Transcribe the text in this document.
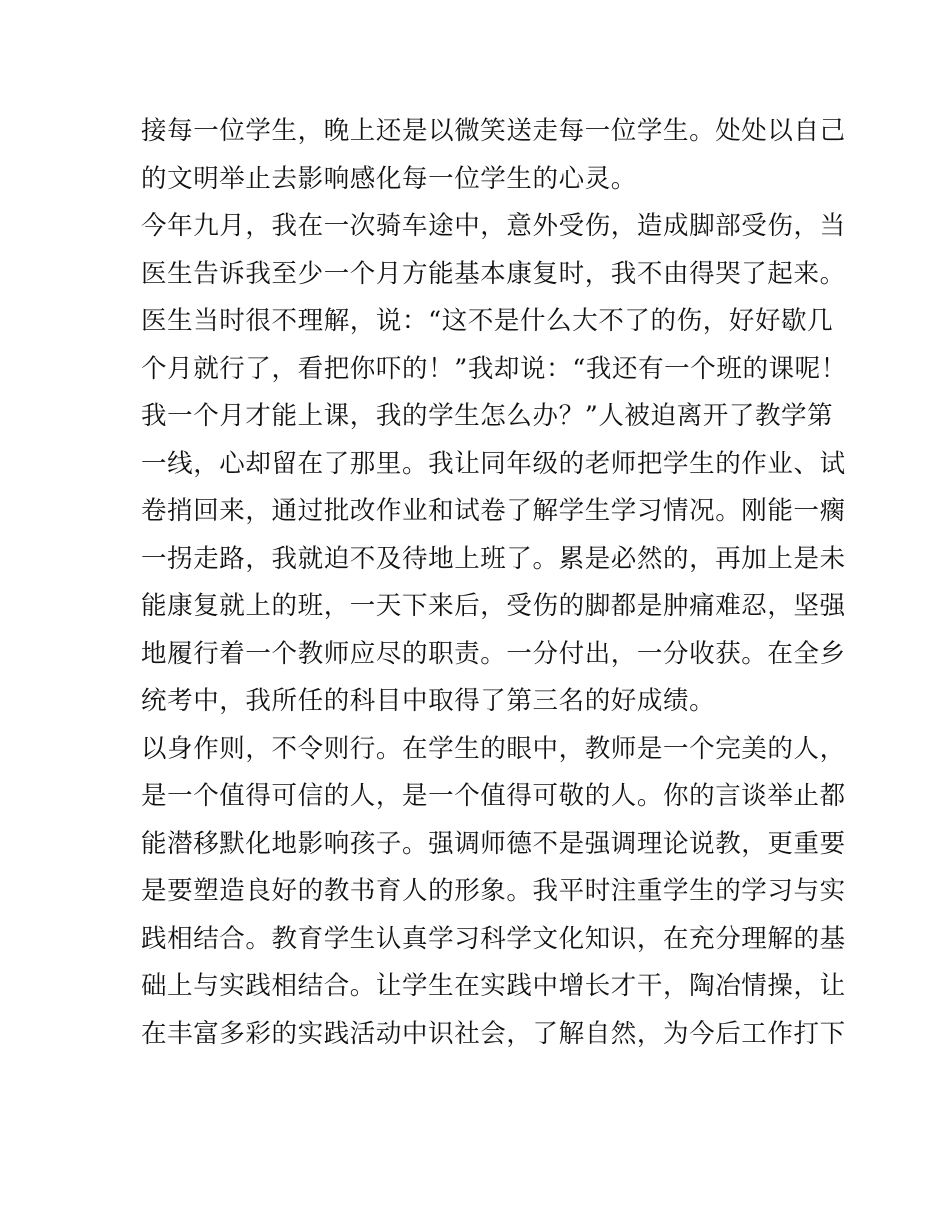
接每一位学生，晚上还是以微笑送走每一位学生。处处以自己
的文明举止去影响感化每一位学生的心灵。
今年九月，我在一次骑车途中，意外受伤，造成脚部受伤，当
医生告诉我至少一个月方能基本康复时，我不由得哭了起来。
医生当时很不理解，说：“这不是什么大不了的伤，好好歇几
个月就行了，看把你吓的！”我却说：“我还有一个班的课呢！
我一个月才能上课，我的学生怎么办？”人被迫离开了教学第
一线，心却留在了那里。我让同年级的老师把学生的作业、试
卷捎回来，通过批改作业和试卷了解学生学习情况。刚能一瘸
一拐走路，我就迫不及待地上班了。累是必然的，再加上是未
能康复就上的班，一天下来后，受伤的脚都是肿痛难忍，坚强
地履行着一个教师应尽的职责。一分付出，一分收获。在全乡
统考中，我所任的科目中取得了第三名的好成绩。
以身作则，不令则行。在学生的眼中，教师是一个完美的人，
是一个值得可信的人，是一个值得可敬的人。你的言谈举止都
能潜移默化地影响孩子。强调师德不是强调理论说教，更重要
是要塑造良好的教书育人的形象。我平时注重学生的学习与实
践相结合。教育学生认真学习科学文化知识，在充分理解的基
础上与实践相结合。让学生在实践中增长才干，陶冶情操，让
在丰富多彩的实践活动中识社会，了解自然，为今后工作打下
